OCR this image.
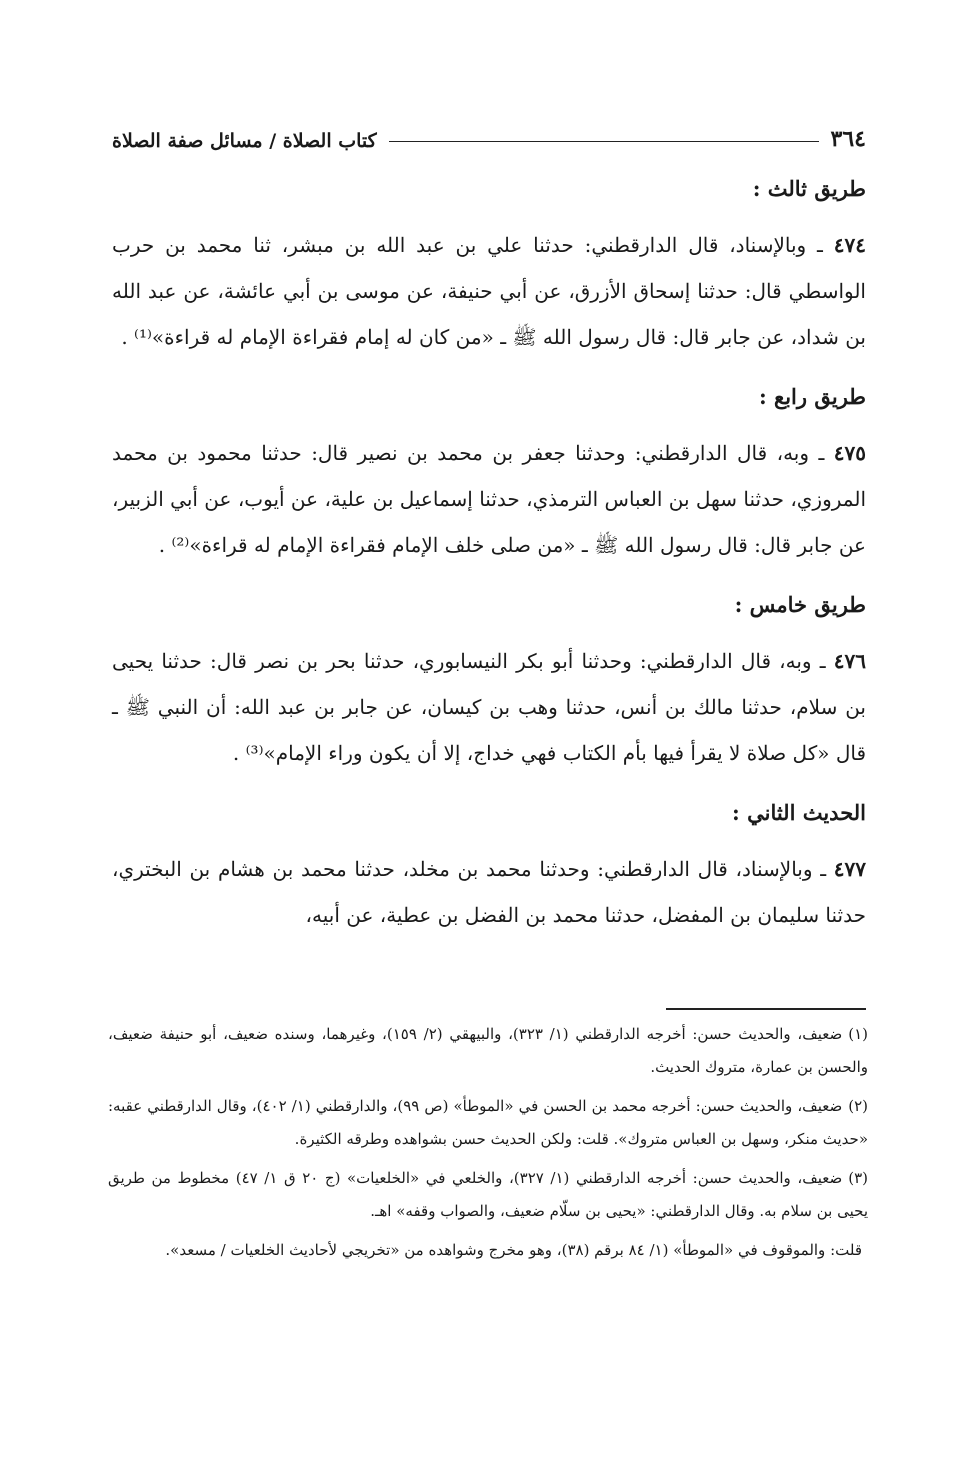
٣٦٤
كتاب الصلاة / مسائل صفة الصلاة
طريق ثالث :

٤٧٤ ـ وبالإسناد، قال الدارقطني: حدثنا علي بن عبد الله بن مبشر، ثنا محمد بن حرب الواسطي قال: حدثنا إسحاق الأزرق، عن أبي حنيفة، عن موسى بن أبي عائشة، عن عبد الله بن شداد، عن جابر قال: قال رسول الله ﷺ ـ «من كان له إمام فقراءة الإمام له قراءة»⁽¹⁾ .

طريق رابع :

٤٧٥ ـ وبه، قال الدارقطني: وحدثنا جعفر بن محمد بن نصير قال: حدثنا محمود بن محمد المروزي، حدثنا سهل بن العباس الترمذي، حدثنا إسماعيل بن علية، عن أيوب، عن أبي الزبير، عن جابر قال: قال رسول الله ﷺ ـ «من صلى خلف الإمام فقراءة الإمام له قراءة»⁽²⁾ .

طريق خامس :

٤٧٦ ـ وبه، قال الدارقطني: وحدثنا أبو بكر النيسابوري، حدثنا بحر بن نصر قال: حدثنا يحيى بن سلام، حدثنا مالك بن أنس، حدثنا وهب بن كيسان، عن جابر بن عبد الله: أن النبي ﷺ ـ قال «كل صلاة لا يقرأ فيها بأم الكتاب فهي خداج، إلا أن يكون وراء الإمام»⁽³⁾ .

الحديث الثاني :

٤٧٧ ـ وبالإسناد، قال الدارقطني: وحدثنا محمد بن مخلد، حدثنا محمد بن هشام بن البختري، حدثنا سليمان بن المفضل، حدثنا محمد بن الفضل بن عطية، عن أبيه،

(١)ضعيف، والحديث حسن: أخرجه الدارقطني (١/ ٣٢٣)، والبيهقي (٢/ ١٥٩)، وغيرهما، وسنده ضعيف، أبو حنيفة ضعيف، والحسن بن عمارة، متروك الحديث.

(٢)ضعيف، والحديث حسن: أخرجه محمد بن الحسن في «الموطأ» (ص ٩٩)، والدارقطني (١/ ٤٠٢)، وقال الدارقطني عقبه: «حديث منكر، وسهل بن العباس متروك». قلت: ولكن الحديث حسن بشواهده وطرقه الكثيرة.

(٣)ضعيف، والحديث حسن: أخرجه الدارقطني (١/ ٣٢٧)، والخلعي في «الخلعيات» (ج ٢٠ ق ١/ ٤٧) مخطوط من طريق يحيى بن سلام به. وقال الدارقطني: «يحيى بن سلّام ضعيف، والصواب وقفه» اهـ.

قلت: والموقوف في «الموطأ» (١/ ٨٤ برقم (٣٨)، وهو مخرج وشواهده من «تخريجي لأحاديث الخلعيات / مسعد».
